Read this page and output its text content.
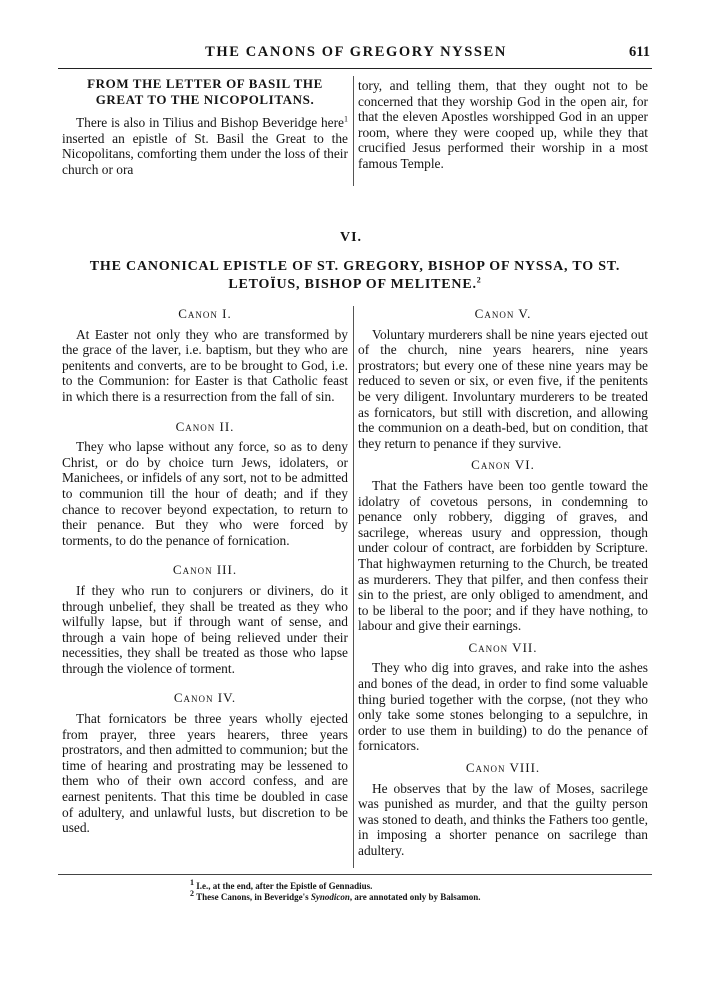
THE CANONS OF GREGORY NYSSEN	611
FROM THE LETTER OF BASIL THE GREAT TO THE NICOPOLITANS.

There is also in Tilius and Bishop Beveridge here$^1$ inserted an epistle of St. Basil the Great to the Nicopolitans, comforting them under the loss of their church or ora

tory, and telling them, that they ought not to be concerned that they worship God in the open air, for that the eleven Apostles worshipped God in an upper room, where they were cooped up, while they that crucified Jesus performed their worship in a most famous Temple.

VI.
THE CANONICAL EPISTLE OF ST. GREGORY, BISHOP OF NYSSA, TO ST. LETOÏUS, BISHOP OF MELITENE.$^2$
Canon I.

At Easter not only they who are transformed by the grace of the laver, i.e. baptism, but they who are penitents and converts, are to be brought to God, i.e. to the Communion: for Easter is that Catholic feast in which there is a resurrection from the fall of sin.

Canon II.

They who lapse without any force, so as to deny Christ, or do by choice turn Jews, idolaters, or Manichees, or infidels of any sort, not to be admitted to communion till the hour of death; and if they chance to recover beyond expectation, to return to their penance. But they who were forced by torments, to do the penance of fornication.

Canon III.

If they who run to conjurers or diviners, do it through unbelief, they shall be treated as they who wilfully lapse, but if through want of sense, and through a vain hope of being relieved under their necessities, they shall be treated as those who lapse through the violence of torment.

Canon IV.

That fornicators be three years wholly ejected from prayer, three years hearers, three years prostrators, and then admitted to communion; but the time of hearing and prostrating may be lessened to them who of their own accord confess, and are earnest penitents. That this time be doubled in case of adultery, and unlawful lusts, but discretion to be used.

Canon V.

Voluntary murderers shall be nine years ejected out of the church, nine years hearers, nine years prostrators; but every one of these nine years may be reduced to seven or six, or even five, if the penitents be very diligent. Involuntary murderers to be treated as fornicators, but still with discretion, and allowing the communion on a death-bed, but on condition, that they return to penance if they survive.

Canon VI.

That the Fathers have been too gentle toward the idolatry of covetous persons, in condemning to penance only robbery, digging of graves, and sacrilege, whereas usury and oppression, though under colour of contract, are forbidden by Scripture. That highwaymen returning to the Church, be treated as murderers. They that pilfer, and then confess their sin to the priest, are only obliged to amendment, and to be liberal to the poor; and if they have nothing, to labour and give their earnings.

Canon VII.

They who dig into graves, and rake into the ashes and bones of the dead, in order to find some valuable thing buried together with the corpse, (not they who only take some stones belonging to a sepulchre, in order to use them in building) to do the penance of fornicators.

Canon VIII.

He observes that by the law of Moses, sacrilege was punished as murder, and that the guilty person was stoned to death, and thinks the Fathers too gentle, in imposing a shorter penance on sacrilege than adultery.

$^1$ I.e., at the end, after the Epistle of Gennadius.
$^2$ These Canons, in Beveridge's Synodicon, are annotated only by Balsamon.
